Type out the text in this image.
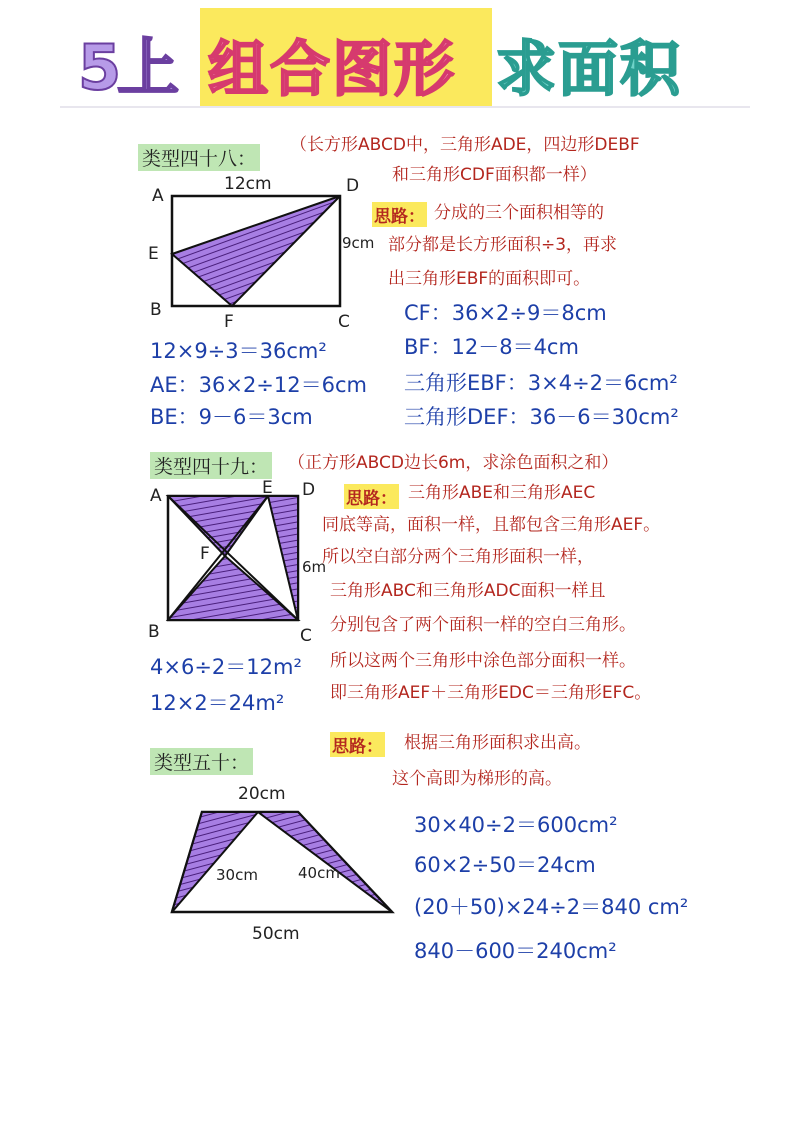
5上 组合图形 求面积
类型四十八：
（长方形ABCD中，三角形ADE，四边形DEBF
和三角形CDF面积都一样）
A
12cm	D
E
9cm
B
F	C
思路： 分成的三个面积相等的
部分都是长方形面积÷3，再求
出三角形EBF的面积即可。
12×9÷3＝36cm²
AE：36×2÷12＝6cm
BE：9－6＝3cm
CF：36×2÷9＝8cm
BF：12－8＝4cm
三角形EBF：3×4÷2＝6cm²
三角形DEF：36－6＝30cm²
类型四十九： （正方形ABCD边长6m，求涂色面积之和）
A	E D
F
6m
B	C
思路： 三角形ABE和三角形AEC
同底等高，面积一样，且都包含三角形AEF。
所以空白部分两个三角形面积一样，
三角形ABC和三角形ADC面积一样且
分别包含了两个面积一样的空白三角形。
所以这两个三角形中涂色部分面积一样。
即三角形AEF＋三角形EDC＝三角形EFC。
4×6÷2＝12m²
12×2＝24m²
类型五十：
思路： 根据三角形面积求出高。
这个高即为梯形的高。
20cm
30cm	40cm
50cm
30×40÷2＝600cm²
60×2÷50＝24cm
(20＋50)×24÷2＝840 cm²
840－600＝240cm²
